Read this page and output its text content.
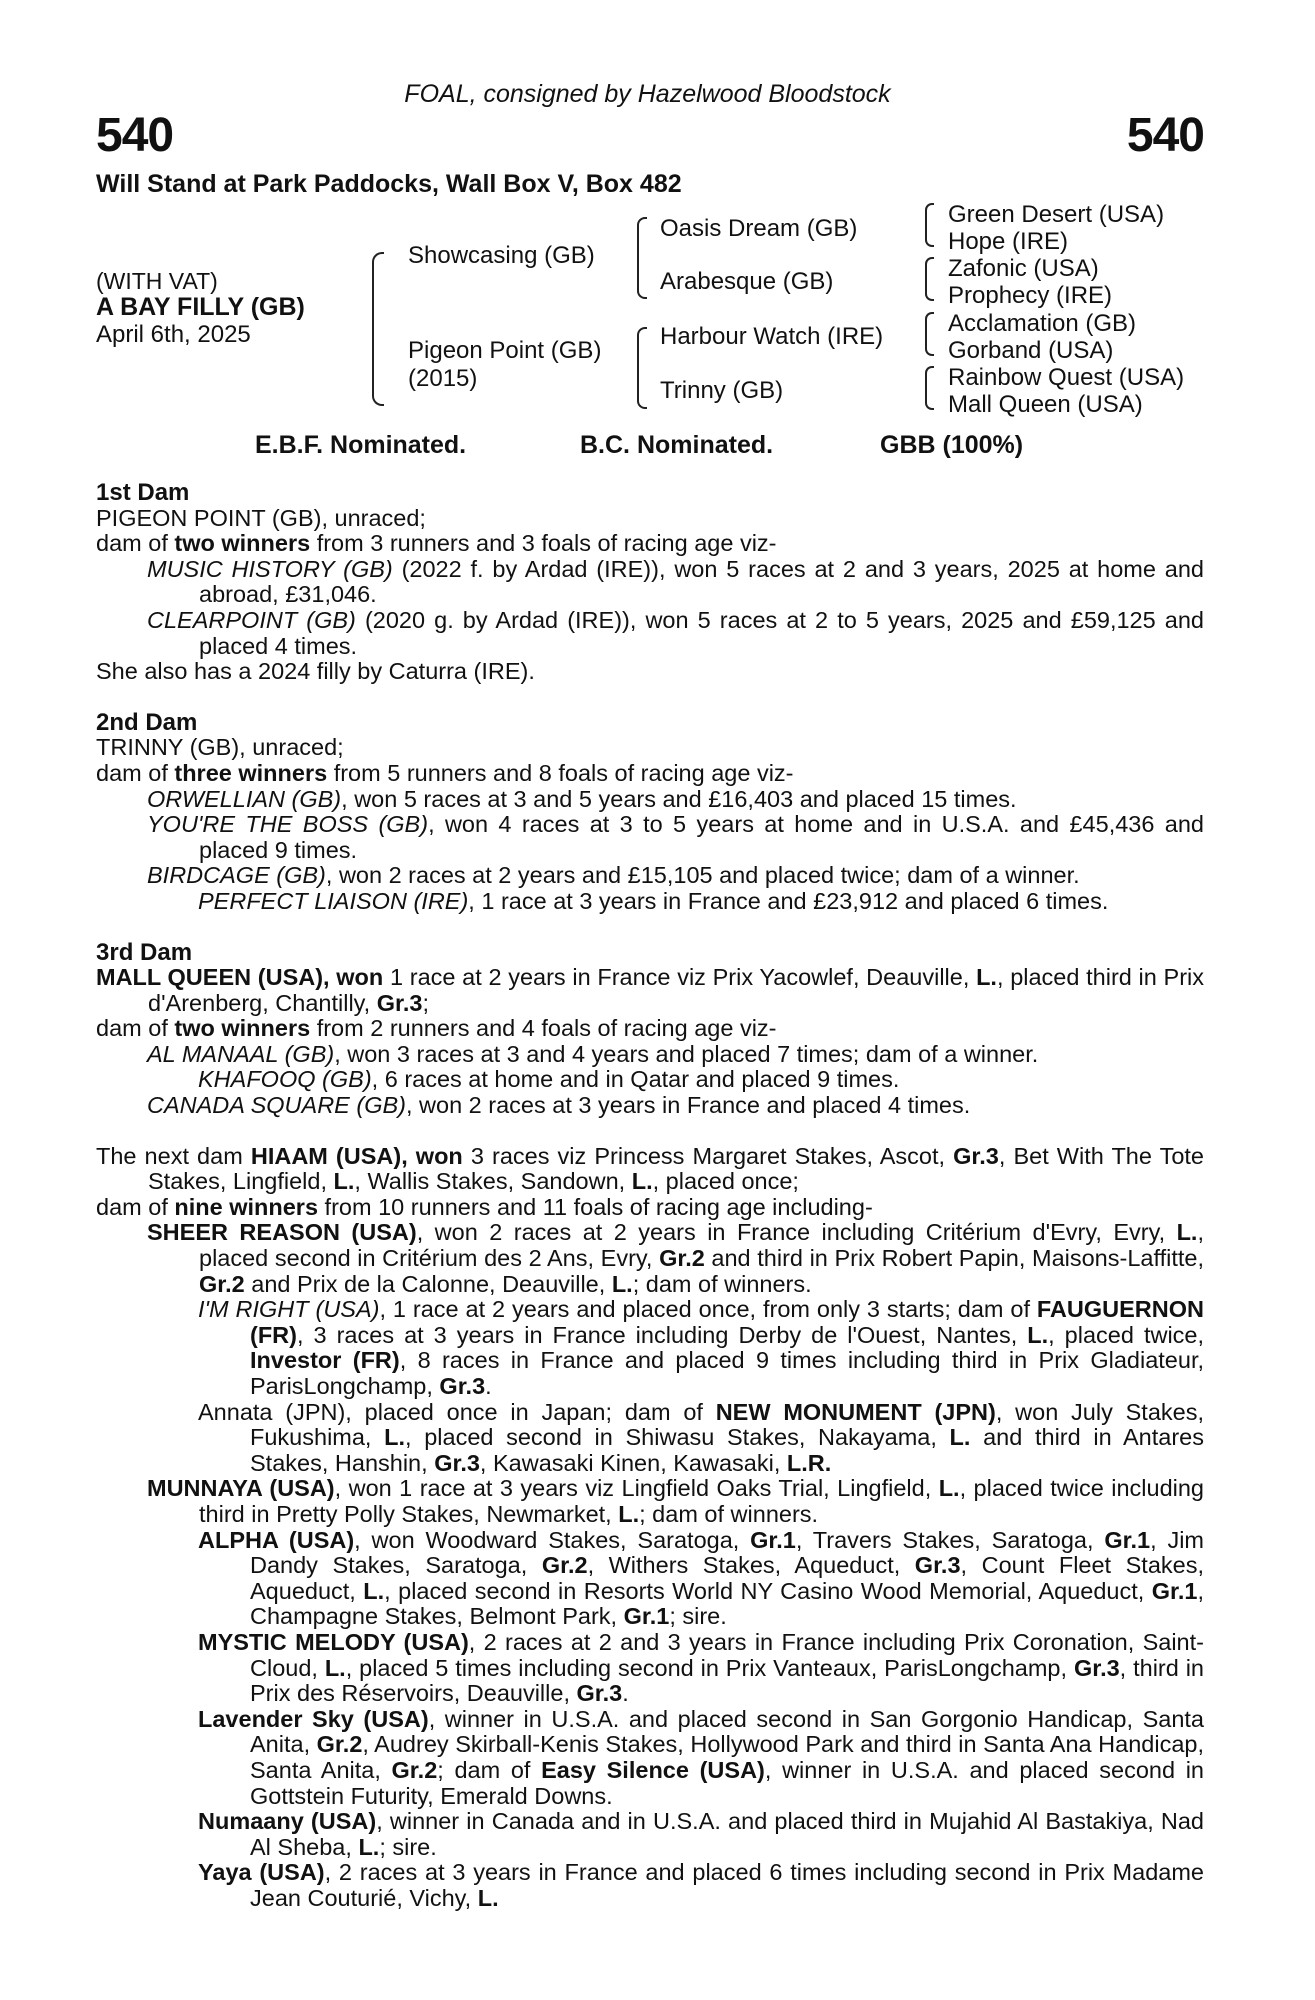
FOAL, consigned by Hazelwood Bloodstock
540	540
Will Stand at Park Paddocks, Wall Box V, Box 482
(WITH VAT)
A BAY FILLY (GB)
April 6th, 2025
Showcasing (GB)
Pigeon Point (GB)
(2015)
Oasis Dream (GB)
Arabesque (GB)
Harbour Watch (IRE)
Trinny (GB)
Green Desert (USA)
Hope (IRE)
Zafonic (USA)
Prophecy (IRE)
Acclamation (GB)
Gorband (USA)
Rainbow Quest (USA)
Mall Queen (USA)
E.B.F. Nominated.	B.C. Nominated.	GBB (100%)

1st Dam

PIGEON POINT (GB), unraced;

dam of two winners from 3 runners and 3 foals of racing age viz-

MUSIC HISTORY (GB) (2022 f. by Ardad (IRE)), won 5 races at 2 and 3 years, 2025 at home and abroad, £31,046.

CLEARPOINT (GB) (2020 g. by Ardad (IRE)), won 5 races at 2 to 5 years, 2025 and £59,125 and placed 4 times.

She also has a 2024 filly by Caturra (IRE).

2nd Dam

TRINNY (GB), unraced;

dam of three winners from 5 runners and 8 foals of racing age viz-

ORWELLIAN (GB), won 5 races at 3 and 5 years and £16,403 and placed 15 times.

YOU'RE THE BOSS (GB), won 4 races at 3 to 5 years at home and in U.S.A. and £45,436 and placed 9 times.

BIRDCAGE (GB), won 2 races at 2 years and £15,105 and placed twice; dam of a winner.

PERFECT LIAISON (IRE), 1 race at 3 years in France and £23,912 and placed 6 times.

3rd Dam

MALL QUEEN (USA), won 1 race at 2 years in France viz Prix Yacowlef, Deauville, L., placed third in Prix d'Arenberg, Chantilly, Gr.3;

dam of two winners from 2 runners and 4 foals of racing age viz-

AL MANAAL (GB), won 3 races at 3 and 4 years and placed 7 times; dam of a winner.

KHAFOOQ (GB), 6 races at home and in Qatar and placed 9 times.

CANADA SQUARE (GB), won 2 races at 3 years in France and placed 4 times.

The next dam HIAAM (USA), won 3 races viz Princess Margaret Stakes, Ascot, Gr.3, Bet With The Tote Stakes, Lingfield, L., Wallis Stakes, Sandown, L., placed once;

dam of nine winners from 10 runners and 11 foals of racing age including-

SHEER REASON (USA), won 2 races at 2 years in France including Critérium d'Evry, Evry, L., placed second in Critérium des 2 Ans, Evry, Gr.2 and third in Prix Robert Papin, Maisons-Laffitte, Gr.2 and Prix de la Calonne, Deauville, L.; dam of winners.

I'M RIGHT (USA), 1 race at 2 years and placed once, from only 3 starts; dam of FAUGUERNON (FR), 3 races at 3 years in France including Derby de l'Ouest, Nantes, L., placed twice, Investor (FR), 8 races in France and placed 9 times including third in Prix Gladiateur, ParisLongchamp, Gr.3.

Annata (JPN), placed once in Japan; dam of NEW MONUMENT (JPN), won July Stakes, Fukushima, L., placed second in Shiwasu Stakes, Nakayama, L. and third in Antares Stakes, Hanshin, Gr.3, Kawasaki Kinen, Kawasaki, L.R.

MUNNAYA (USA), won 1 race at 3 years viz Lingfield Oaks Trial, Lingfield, L., placed twice including third in Pretty Polly Stakes, Newmarket, L.; dam of winners.

ALPHA (USA), won Woodward Stakes, Saratoga, Gr.1, Travers Stakes, Saratoga, Gr.1, Jim Dandy Stakes, Saratoga, Gr.2, Withers Stakes, Aqueduct, Gr.3, Count Fleet Stakes, Aqueduct, L., placed second in Resorts World NY Casino Wood Memorial, Aqueduct, Gr.1, Champagne Stakes, Belmont Park, Gr.1; sire.

MYSTIC MELODY (USA), 2 races at 2 and 3 years in France including Prix Coronation, Saint-Cloud, L., placed 5 times including second in Prix Vanteaux, ParisLongchamp, Gr.3, third in Prix des Réservoirs, Deauville, Gr.3.

Lavender Sky (USA), winner in U.S.A. and placed second in San Gorgonio Handicap, Santa Anita, Gr.2, Audrey Skirball-Kenis Stakes, Hollywood Park and third in Santa Ana Handicap, Santa Anita, Gr.2; dam of Easy Silence (USA), winner in U.S.A. and placed second in Gottstein Futurity, Emerald Downs.

Numaany (USA), winner in Canada and in U.S.A. and placed third in Mujahid Al Bastakiya, Nad Al Sheba, L.; sire.

Yaya (USA), 2 races at 3 years in France and placed 6 times including second in Prix Madame Jean Couturié, Vichy, L.
